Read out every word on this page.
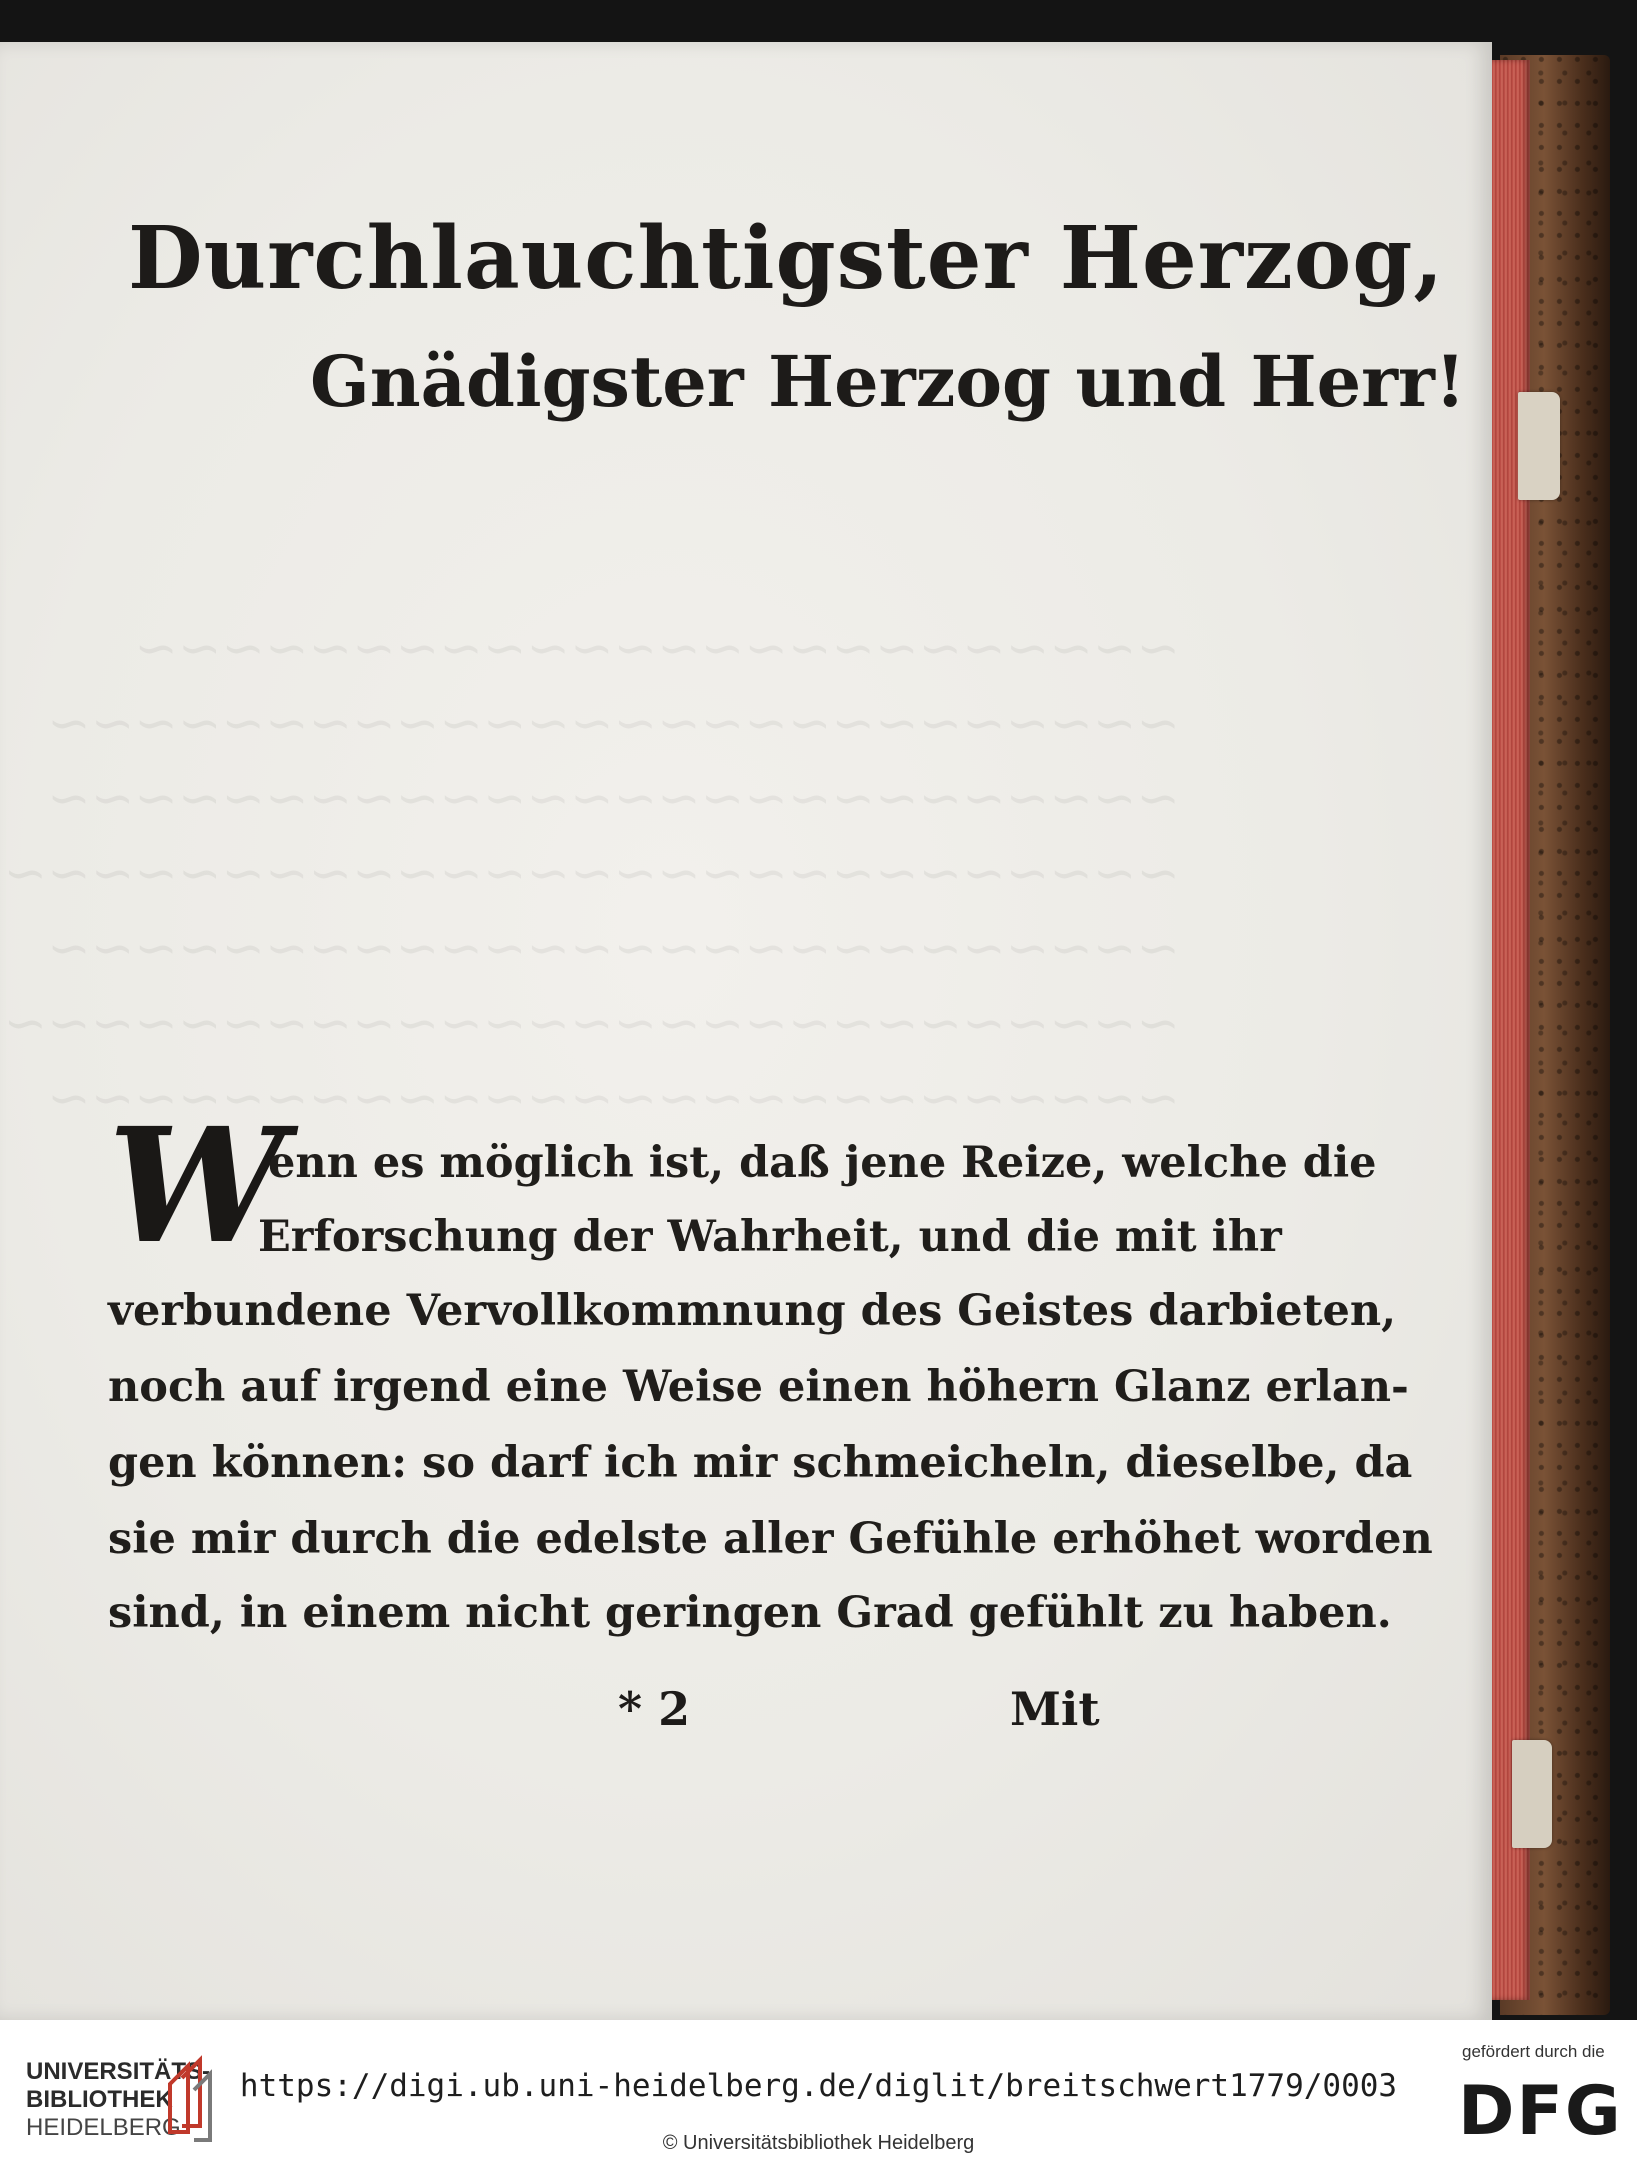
~~~~~~~~~~~~~~~~~~~~~~~~
~~~~~~~~~~~~~~~~~~~~~~~~~~
~~~~~~~~~~~~~~~~~~~~~~~~~~
~~~~~~~~~~~~~~~~~~~~~~~~~~~
~~~~~~~~~~~~~~~~~~~~~~~~~~
~~~~~~~~~~~~~~~~~~~~~~~~~~~
~~~~~~~~~~~~~~~~~~~~~~~~~~
Durchlauchtigster Herzog,
Gnädigster Herzog und Herr!
W
enn es möglich ist, daß jene Reize, welche die
Erforschung der Wahrheit, und die mit ihr
verbundene Vervollkommnung des Geistes darbieten,
noch auf irgend eine Weise einen höhern Glanz erlan-
gen können: so darf ich mir schmeicheln, dieselbe, da
sie mir durch die edelste aller Gefühle erhöhet worden
sind, in einem nicht geringen Grad gefühlt zu haben.
* 2	Mit
UNIVERSITÄTS-
BIBLIOTHEK
HEIDELBERG
https://digi.ub.uni-heidelberg.de/diglit/breitschwert1779/0003
© Universitätsbibliothek Heidelberg
gefördert durch die
DFG
